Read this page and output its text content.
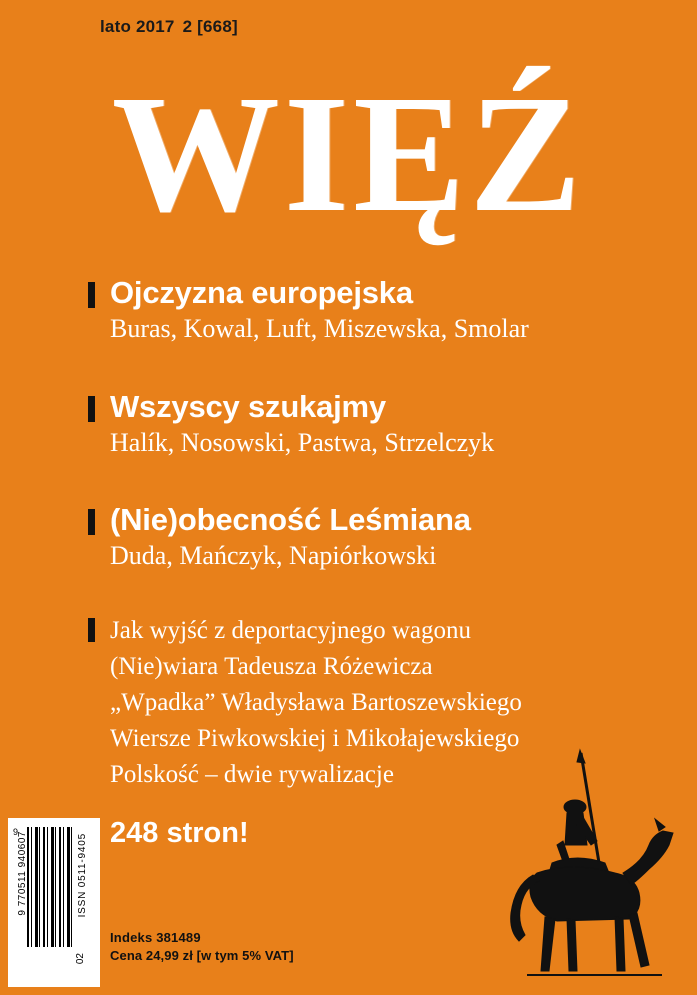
lato 2017 2 [668]
WIĘŹ

Ojczyzna europejska

Buras, Kowal, Luft, Miszewska, Smolar

Wszyscy szukajmy

Halík, Nosowski, Pastwa, Strzelczyk

(Nie)obecność Leśmiana

Duda, Mańczyk, Napiórkowski

Jak wyjść z deportacyjnego wagonu
(Nie)wiara Tadeusza Różewicza
„Wpadka” Władysława Bartoszewskiego
Wiersze Piwkowskiej i Mikołajewskiego
Polskość – dwie rywalizacje
248 stron!
Indeks 381489
Cena 24,99 zł [w tym 5% VAT]
9
9 770511 940607	ISSN 0511-9405
02
